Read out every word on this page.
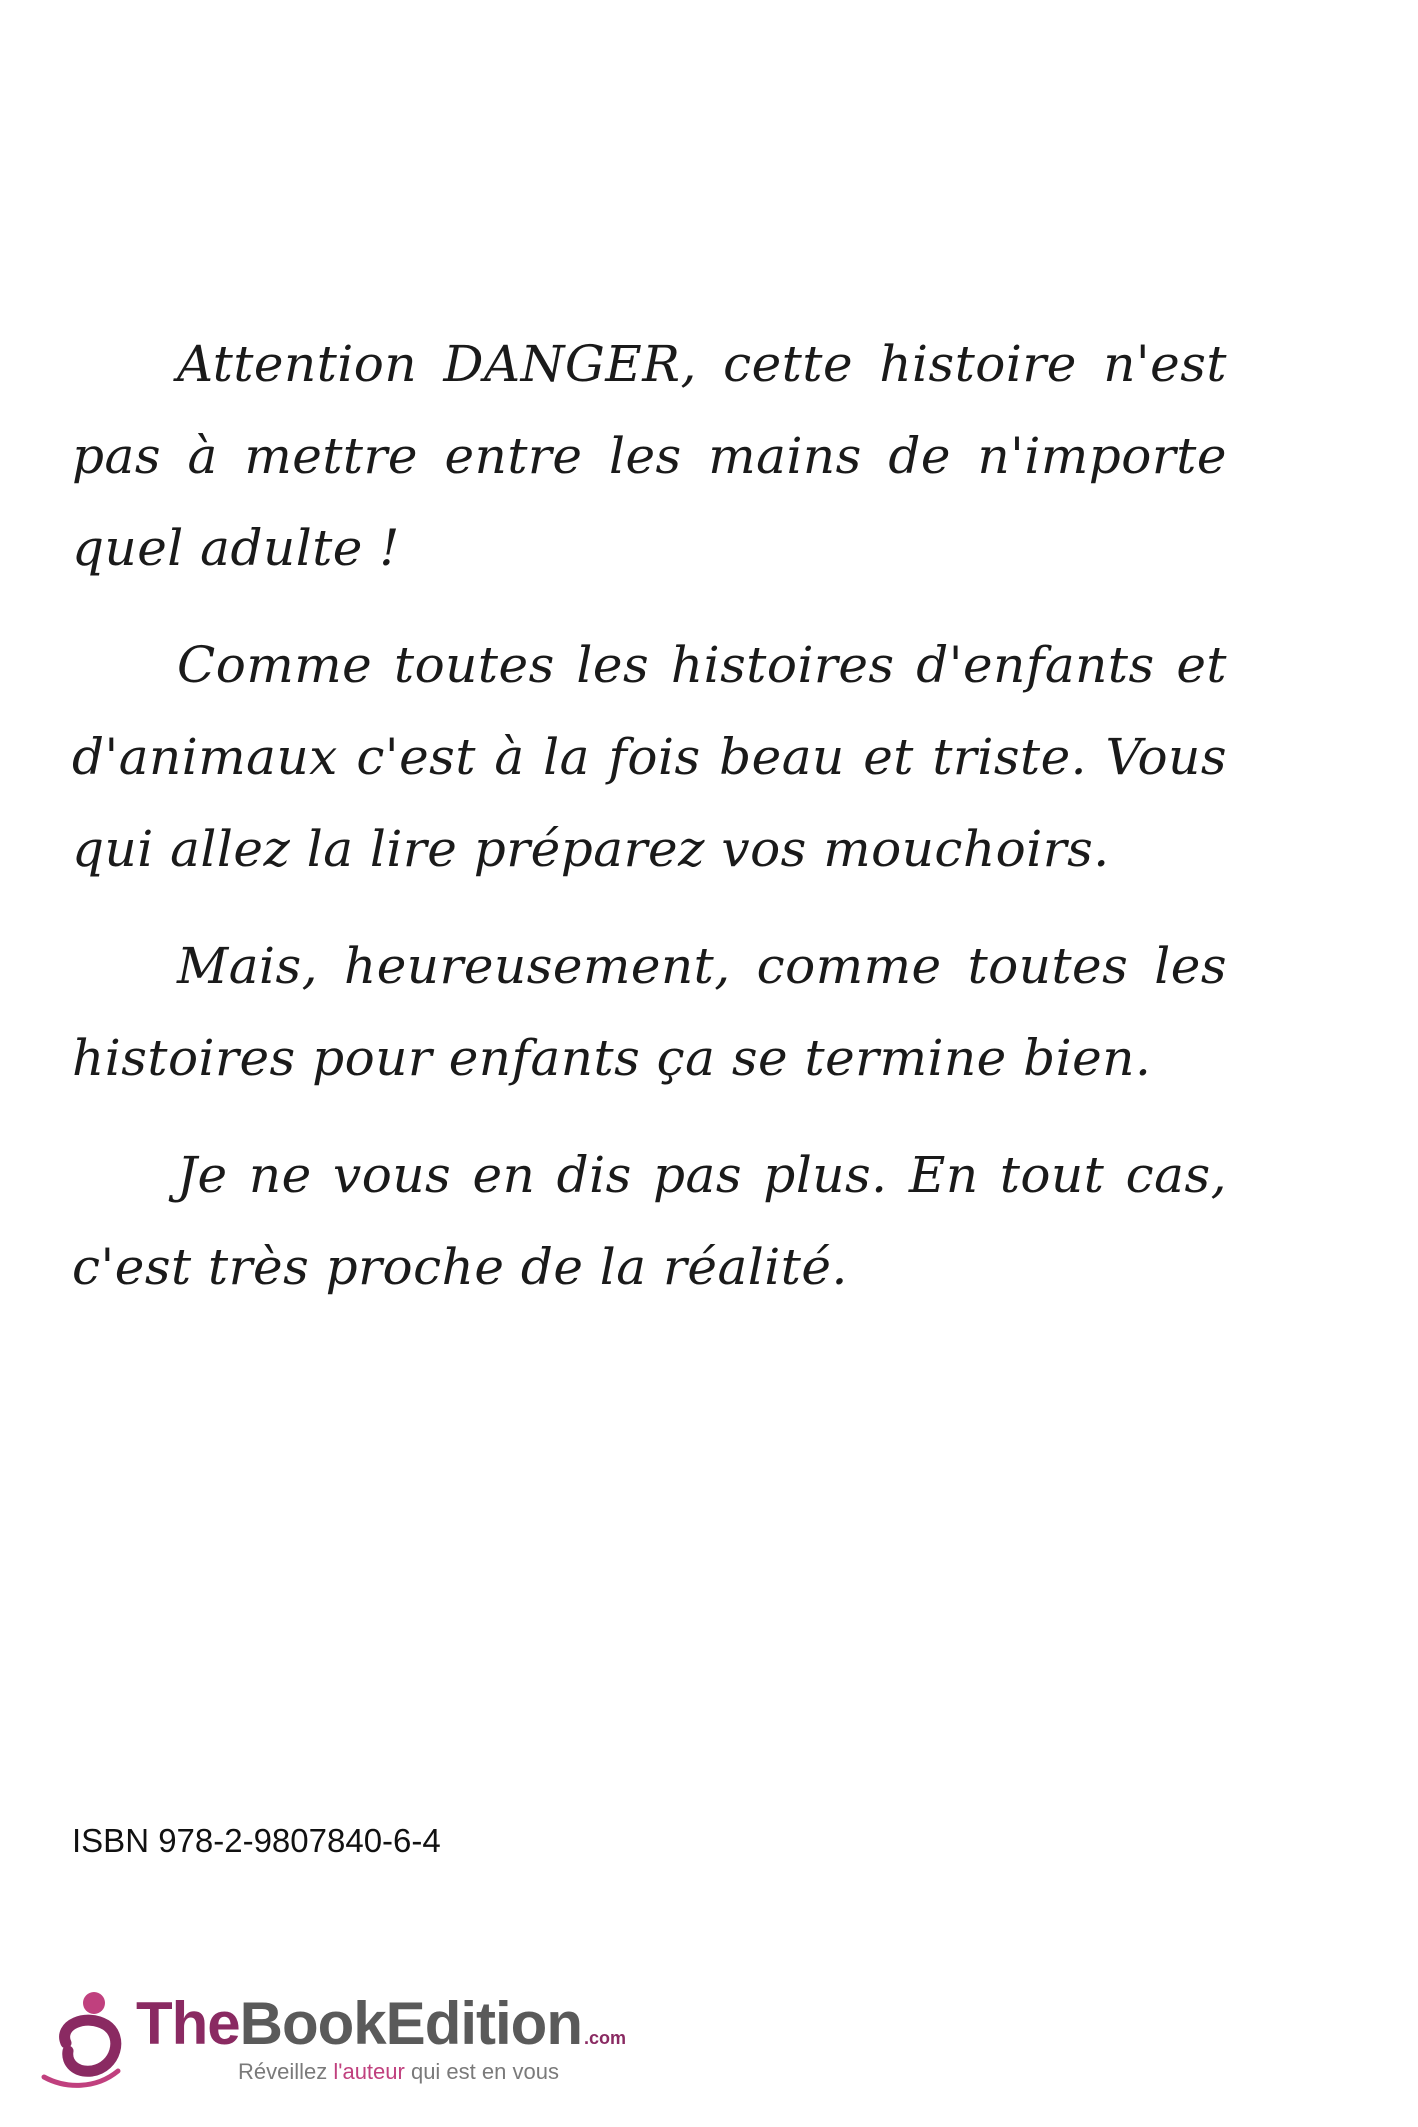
Attention DANGER, cette histoire n'est pas à mettre entre les mains de n'importe quel adulte !

Comme toutes les histoires d'enfants et d'animaux c'est à la fois beau et triste. Vous qui allez la lire préparez vos mouchoirs.

Mais, heureusement, comme toutes les histoires pour enfants ça se termine bien.

Je ne vous en dis pas plus. En tout cas, c'est très proche de la réalité.

ISBN 978-2-9807840-6-4
TheBookEdition .com
Réveillez l'auteur qui est en vous
